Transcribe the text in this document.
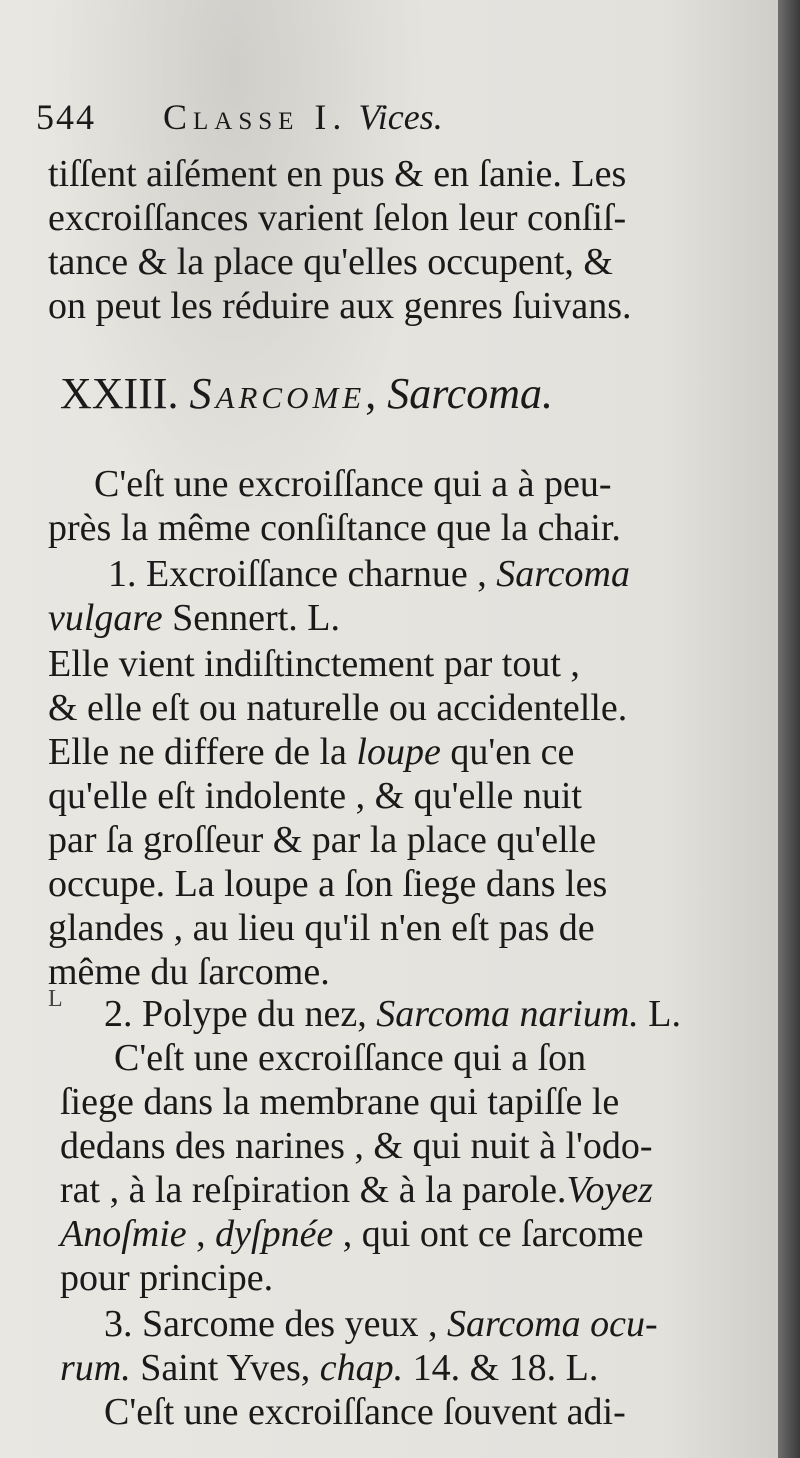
544 Classe I. Vices.
tiſſent aiſément en pus & en ſanie. Les
excroiſſances varient ſelon leur conſiſ-
tance & la place qu'elles occupent, &
on peut les réduire aux genres ſuivans.
XXIII. Sarcome, Sarcoma.
C'eſt une excroiſſance qui a à peu-
près la même conſiſtance que la chair.
1. Excroiſſance charnue , Sarcoma
vulgare Sennert. L.
Elle vient indiſtinctement par tout ,
& elle eſt ou naturelle ou accidentelle.
Elle ne differe de la loupe qu'en ce
qu'elle eſt indolente , & qu'elle nuit
par ſa groſſeur & par la place qu'elle
occupe. La loupe a ſon ſiege dans les
glandes , au lieu qu'il n'en eſt pas de
même du ſarcome.
L 2. Polype du nez, Sarcoma narium. L.
C'eſt une excroiſſance qui a ſon
ſiege dans la membrane qui tapiſſe le
dedans des narines , & qui nuit à l'odo-
rat , à la reſpiration & à la parole.Voyez
Anoſmie , dyſpnée , qui ont ce ſarcome
pour principe.
3. Sarcome des yeux , Sarcoma ocu-
rum. Saint Yves, chap. 14. & 18. L.
C'eſt une excroiſſance ſouvent adi-
